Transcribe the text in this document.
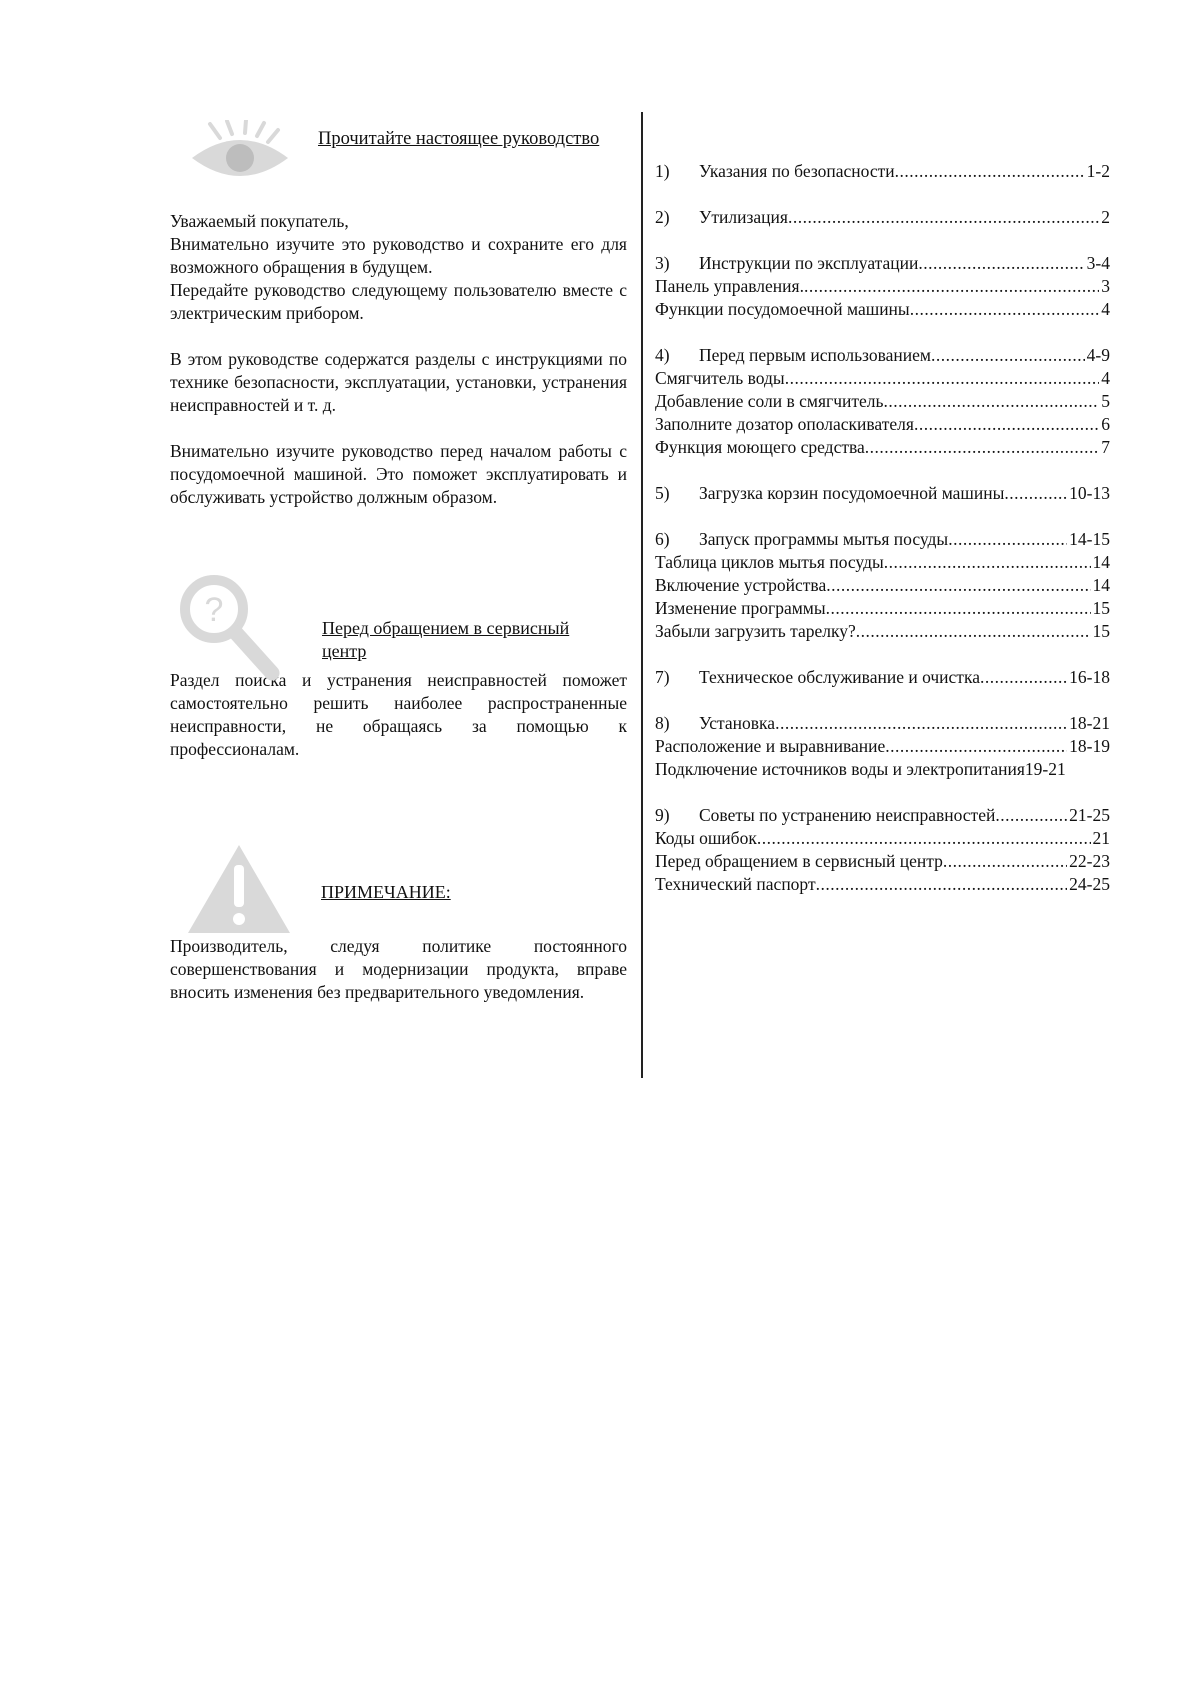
Прочитайте настоящее руководство

Уважаемый покупатель,
Внимательно изучите это руководство и сохраните его для возможного обращения в будущем.
Передайте руководство следующему пользователю вместе с электрическим прибором.

В этом руководстве содержатся разделы с инструкциями по технике безопасности, эксплуатации, установки, устранения неисправностей и т. д.

Внимательно изучите руководство перед началом работы с посудомоечной машиной. Это поможет эксплуатировать и обслуживать устройство должным образом.

Раздел поиска и устранения неисправностей поможет самостоятельно решить наиболее распространенные неисправности, не обращаясь за помощью к профессионалам.

Производитель, следуя политике постоянного совершенствования и модернизации продукта, вправе вносить изменения без предварительного уведомления.

?	Перед обращением в сервисный центр
ПРИМЕЧАНИЕ:
1)	Указания по безопасности .....	1-2
2)	Утилизация .....	2
3)	Инструкции по эксплуатации .....	3-4
Панель управления. .....	3
Функции посудомоечной машины .....	4
4)	Перед первым использованием .....	4-9
Смягчитель воды .....	4
Добавление соли в смягчитель .....	5
Заполните дозатор ополаскивателя .....	6
Функция моющего средства .....	7
5)	Загрузка корзин посудомоечной машины .....	10-13
6)	Запуск программы мытья посуды .....	14-15
Таблица циклов мытья посуды .....	14
Включение устройства .....	14
Изменение программы .....	15
Забыли загрузить тарелку? .....	15
7)	Техническое обслуживание и очистка .....	16-18
8)	Установка .....	18-21
Расположение и выравнивание .....	18-19
Подключение источников воды и электропитания19-21
9)	Советы по устранению неисправностей .....	21-25
Коды ошибок .....	21
Перед обращением в сервисный центр .....	22-23
Технический паспорт .....	24-25
